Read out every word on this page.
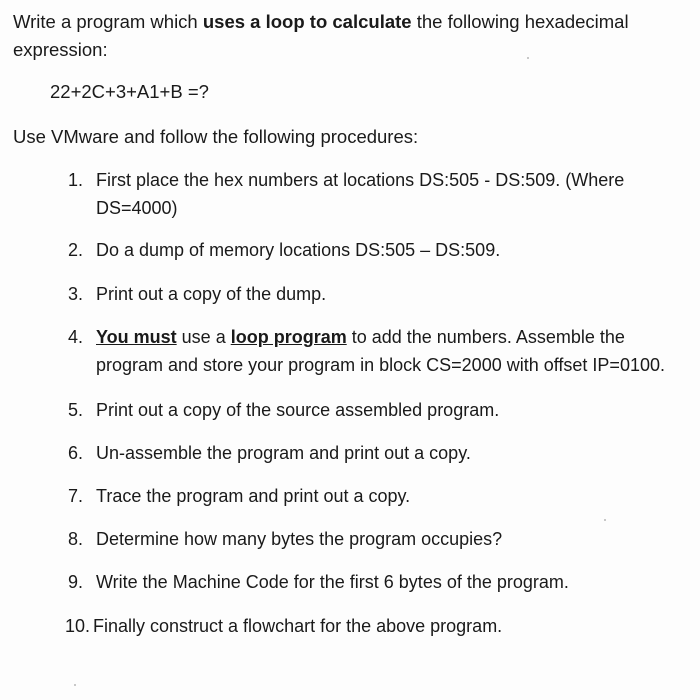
Write a program which uses a loop to calculate the following hexadecimal expression:
22+2C+3+A1+B =?
Use VMware and follow the following procedures:
1. First place the hex numbers at locations DS:505 - DS:509. (Where DS=4000)
2. Do a dump of memory locations DS:505 – DS:509.
3. Print out a copy of the dump.
4. You must use a loop program to add the numbers. Assemble the program and store your program in block CS=2000 with offset IP=0100.
5. Print out a copy of the source assembled program.
6. Un-assemble the program and print out a copy.
7. Trace the program and print out a copy.
8. Determine how many bytes the program occupies?
9. Write the Machine Code for the first 6 bytes of the program.
10. Finally construct a flowchart for the above program.
